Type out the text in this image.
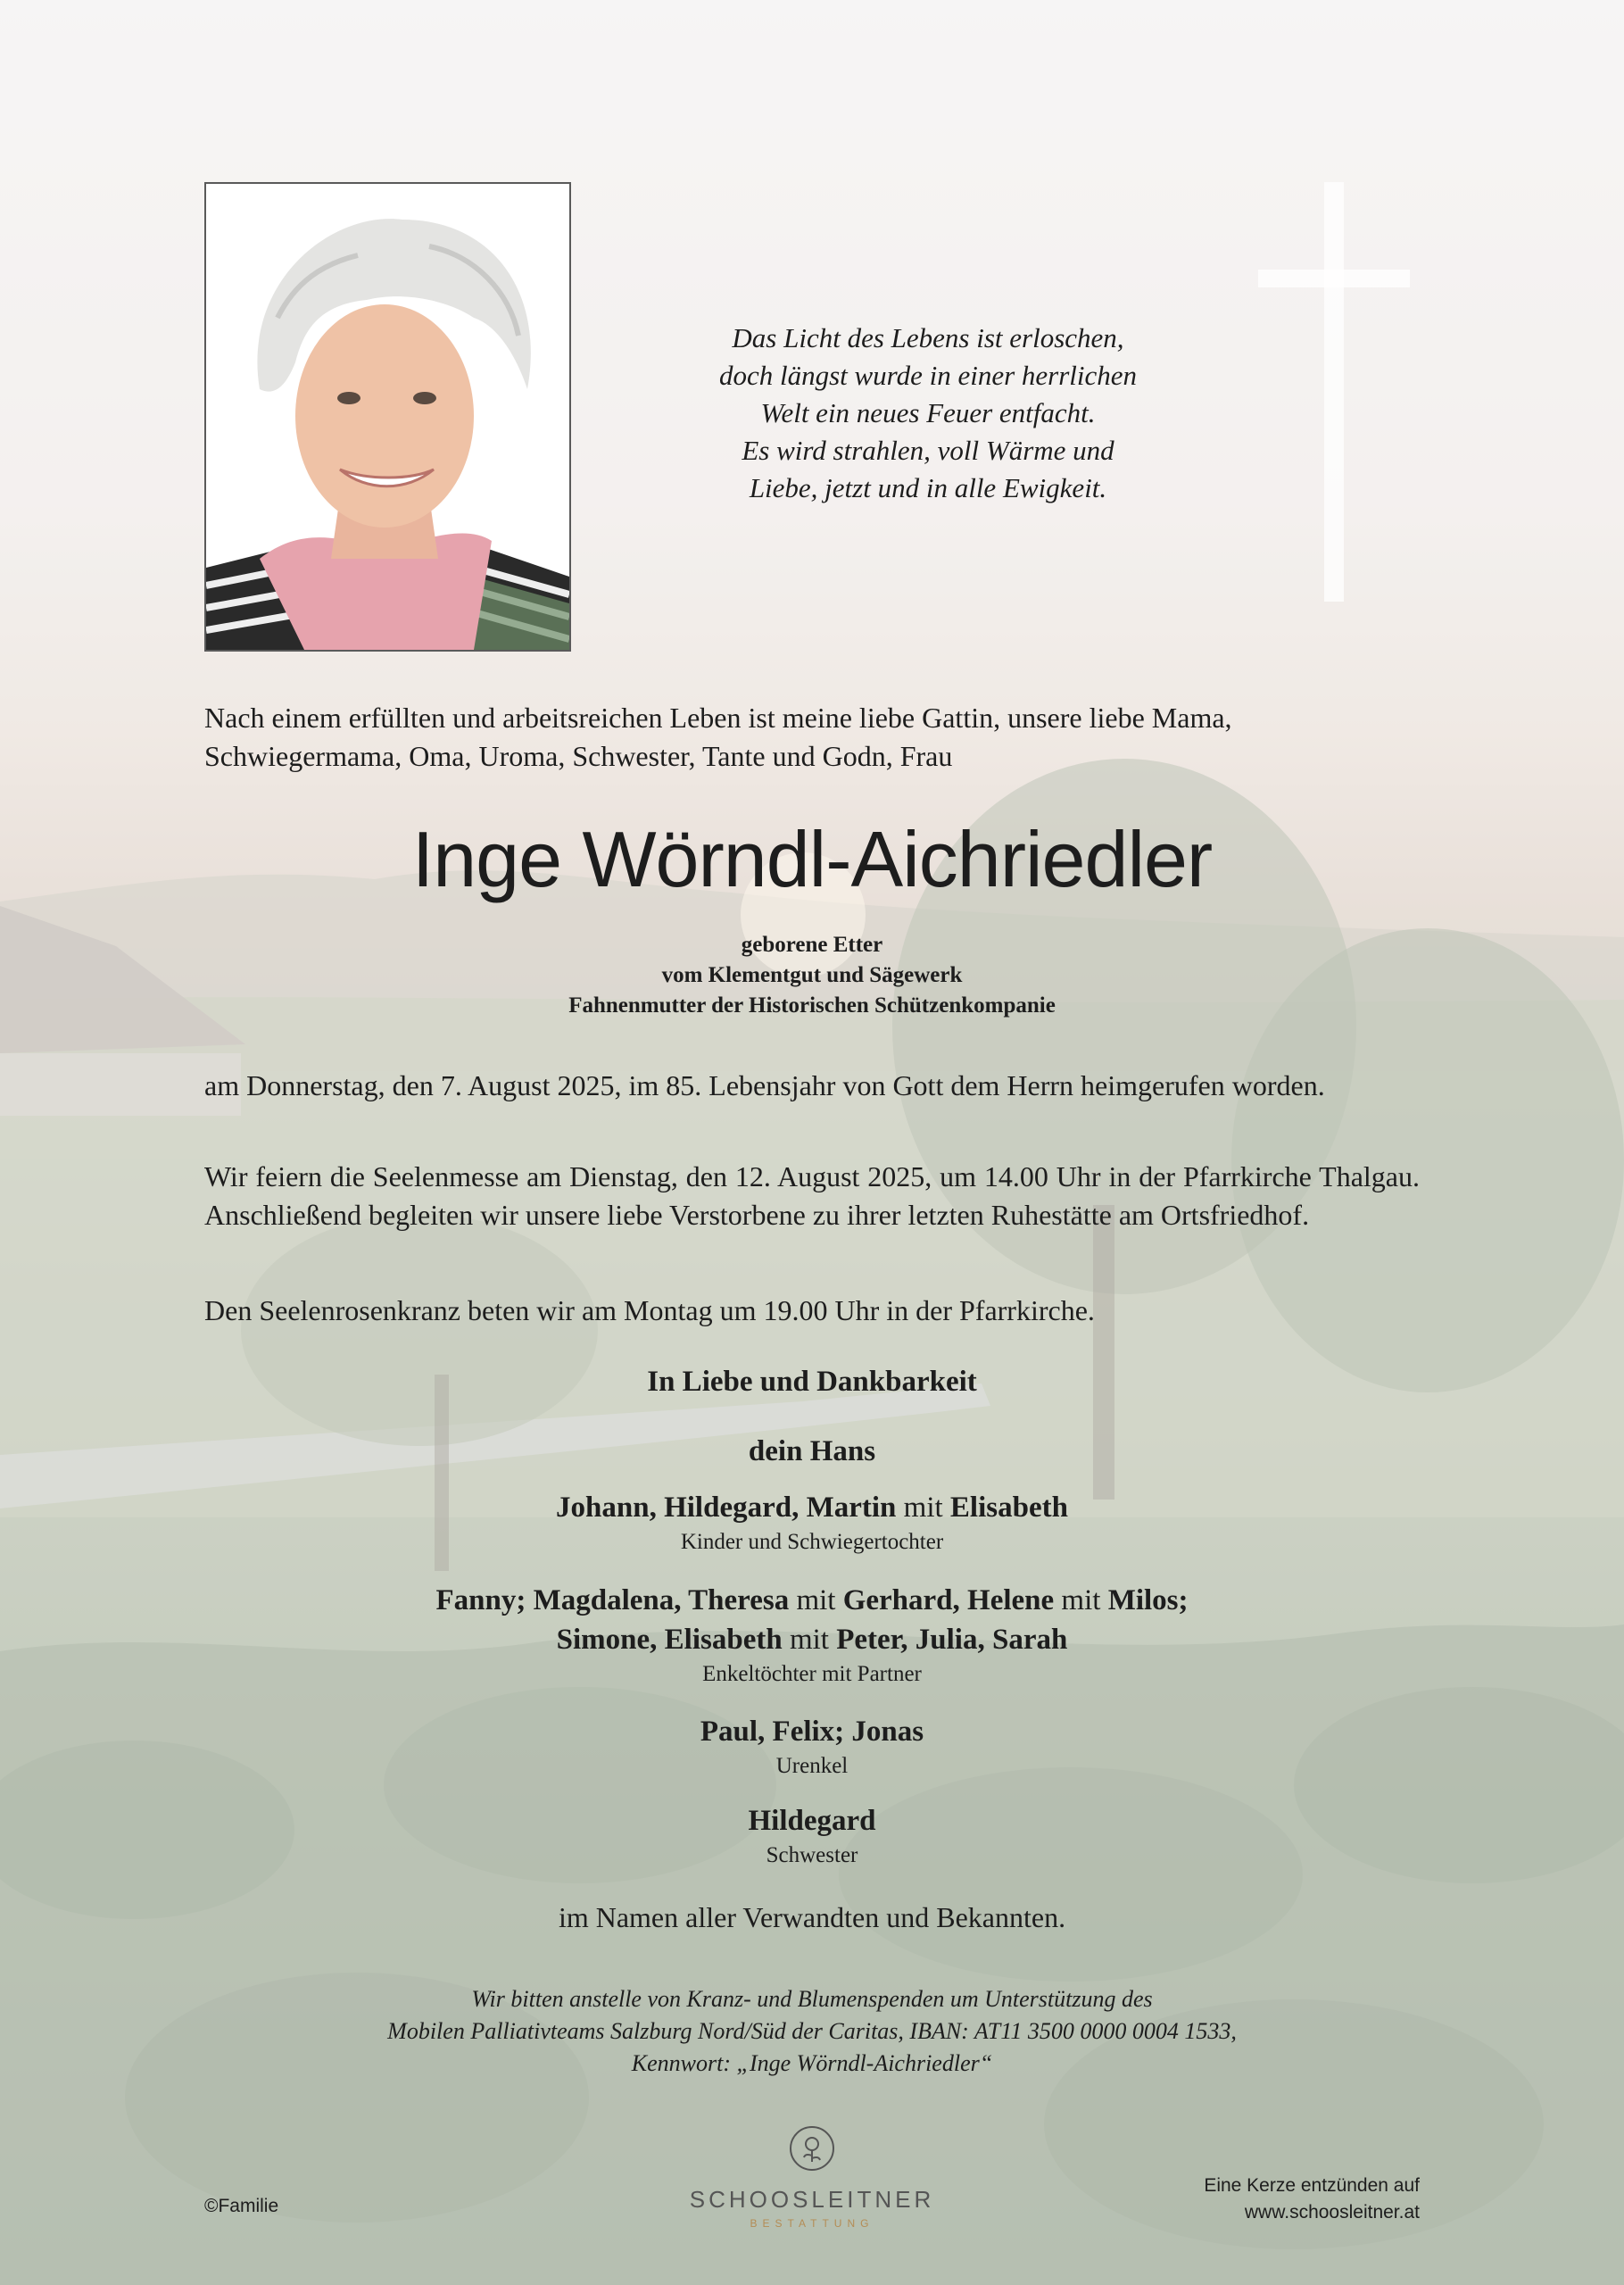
Das Licht des Lebens ist erloschen,
doch längst wurde in einer herrlichen
Welt ein neues Feuer entfacht.
Es wird strahlen, voll Wärme und
Liebe, jetzt und in alle Ewigkeit.
Nach einem erfüllten und arbeitsreichen Leben ist meine liebe Gattin, unsere liebe Mama,
Schwiegermama, Oma, Uroma, Schwester, Tante und Godn, Frau
Inge Wörndl-Aichriedler
geborene Etter
vom Klementgut und Sägewerk
Fahnenmutter der Historischen Schützenkompanie
am Donnerstag, den 7. August 2025, im 85. Lebensjahr von Gott dem Herrn heimgerufen worden.
Wir feiern die Seelenmesse am Dienstag, den 12. August 2025, um 14.00 Uhr in der Pfarrkirche Thalgau. Anschließend begleiten wir unsere liebe Verstorbene zu ihrer letzten Ruhestätte am Ortsfriedhof.
Den Seelenrosenkranz beten wir am Montag um 19.00 Uhr in der Pfarrkirche.
In Liebe und Dankbarkeit
dein Hans
Johann, Hildegard, Martin mit Elisabeth
Kinder und Schwiegertochter
Fanny; Magdalena, Theresa mit Gerhard, Helene mit Milos;
Simone, Elisabeth mit Peter, Julia, Sarah
Enkeltöchter mit Partner
Paul, Felix; Jonas
Urenkel
Hildegard
Schwester
im Namen aller Verwandten und Bekannten.
Wir bitten anstelle von Kranz- und Blumenspenden um Unterstützung des
Mobilen Palliativteams Salzburg Nord/Süd der Caritas, IBAN: AT11 3500 0000 0004 1533,
Kennwort: „Inge Wörndl-Aichriedler“
©Familie	SCHOOSLEITNER
BESTATTUNG
Eine Kerze entzünden auf
www.schoosleitner.at
